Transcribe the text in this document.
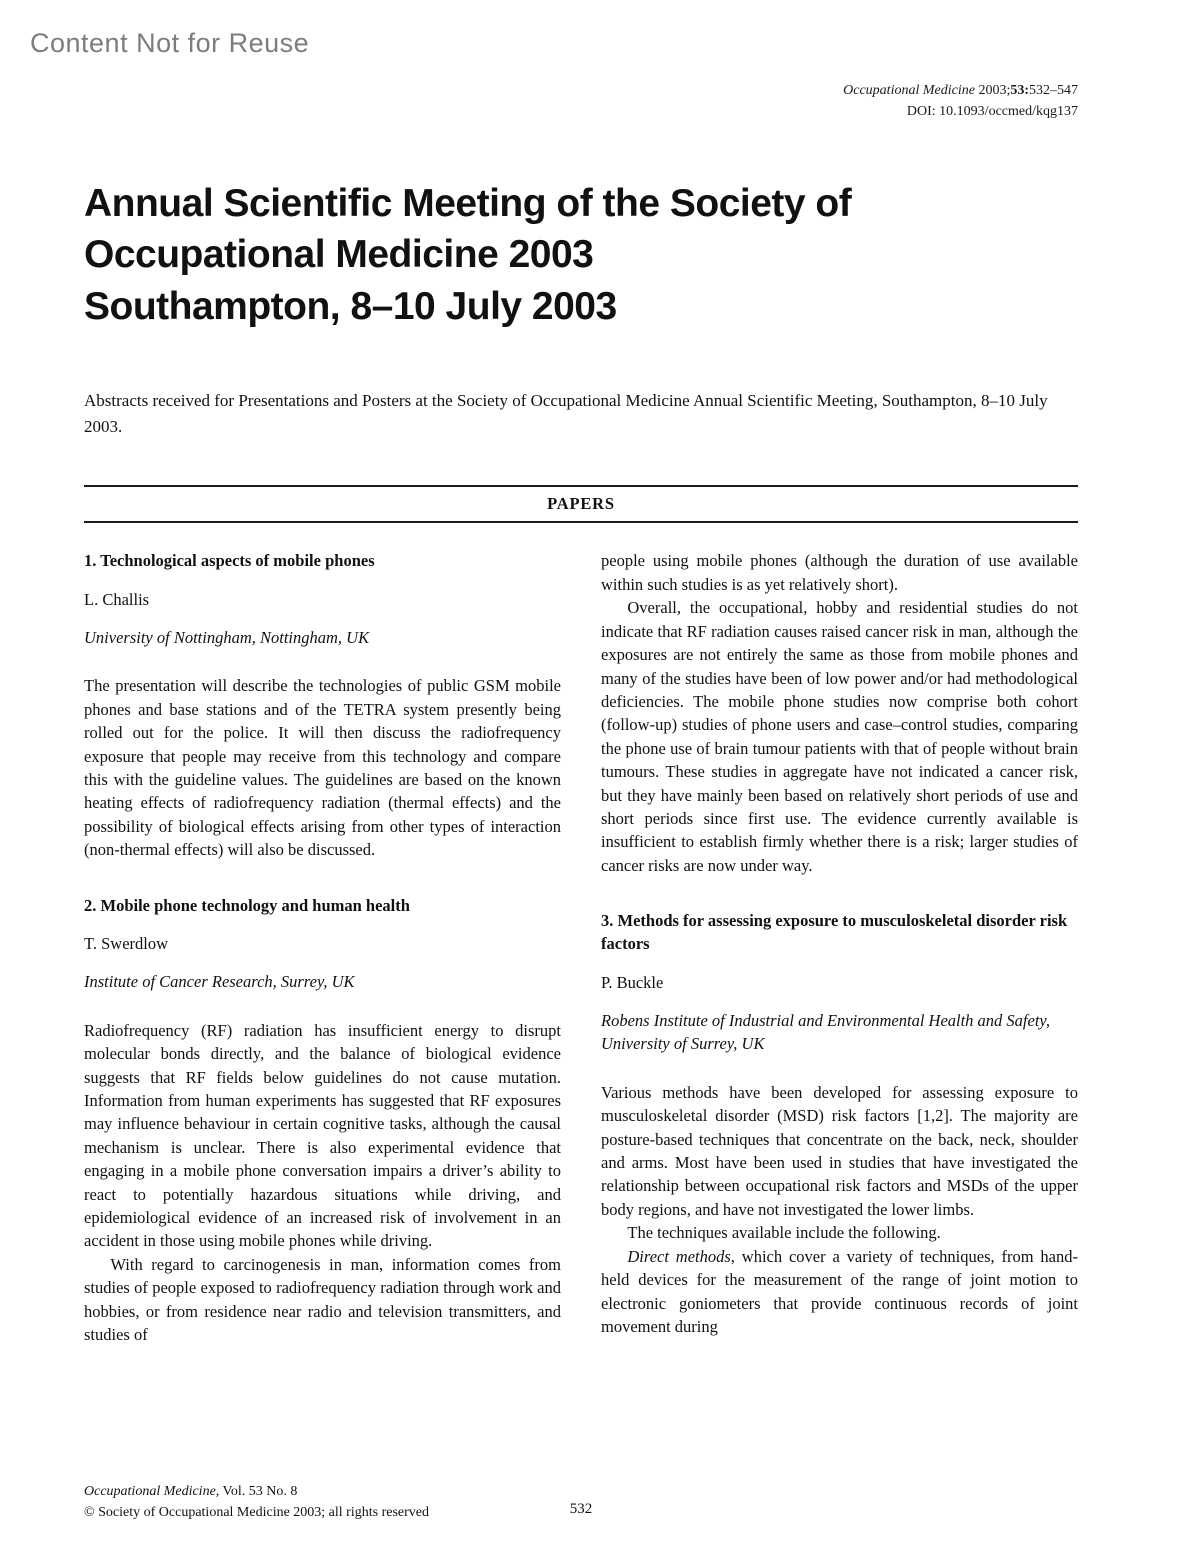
Content Not for Reuse
Occupational Medicine 2003;53:532–547
DOI: 10.1093/occmed/kqg137
Annual Scientific Meeting of the Society of
Occupational Medicine 2003
Southampton, 8–10 July 2003

Abstracts received for Presentations and Posters at the Society of Occupational Medicine Annual Scientific Meeting, Southampton, 8–10 July 2003.

PAPERS
1. Technological aspects of mobile phones

L. Challis

University of Nottingham, Nottingham, UK

The presentation will describe the technologies of public GSM mobile phones and base stations and of the TETRA system presently being rolled out for the police. It will then discuss the radiofrequency exposure that people may receive from this technology and compare this with the guideline values. The guidelines are based on the known heating effects of radiofrequency radiation (thermal effects) and the possibility of biological effects arising from other types of interaction (non-thermal effects) will also be discussed.

2. Mobile phone technology and human health

T. Swerdlow

Institute of Cancer Research, Surrey, UK

Radiofrequency (RF) radiation has insufficient energy to disrupt molecular bonds directly, and the balance of biological evidence suggests that RF fields below guidelines do not cause mutation. Information from human experiments has suggested that RF exposures may influence behaviour in certain cognitive tasks, although the causal mechanism is unclear. There is also experimental evidence that engaging in a mobile phone conversation impairs a driver’s ability to react to potentially hazardous situations while driving, and epidemiological evidence of an increased risk of involvement in an accident in those using mobile phones while driving.

With regard to carcinogenesis in man, information comes from studies of people exposed to radiofrequency radiation through work and hobbies, or from residence near radio and television transmitters, and studies of

people using mobile phones (although the duration of use available within such studies is as yet relatively short).

Overall, the occupational, hobby and residential studies do not indicate that RF radiation causes raised cancer risk in man, although the exposures are not entirely the same as those from mobile phones and many of the studies have been of low power and/or had methodological deficiencies. The mobile phone studies now comprise both cohort (follow-up) studies of phone users and case–control studies, comparing the phone use of brain tumour patients with that of people without brain tumours. These studies in aggregate have not indicated a cancer risk, but they have mainly been based on relatively short periods of use and short periods since first use. The evidence currently available is insufficient to establish firmly whether there is a risk; larger studies of cancer risks are now under way.

3. Methods for assessing exposure to musculoskeletal disorder risk factors

P. Buckle

Robens Institute of Industrial and Environmental Health and Safety, University of Surrey, UK

Various methods have been developed for assessing exposure to musculoskeletal disorder (MSD) risk factors [1,2]. The majority are posture-based techniques that concentrate on the back, neck, shoulder and arms. Most have been used in studies that have investigated the relationship between occupational risk factors and MSDs of the upper body regions, and have not investigated the lower limbs.

The techniques available include the following.

Direct methods, which cover a variety of techniques, from hand-held devices for the measurement of the range of joint motion to electronic goniometers that provide continuous records of joint movement during

Occupational Medicine, Vol. 53 No. 8
© Society of Occupational Medicine 2003; all rights reserved	532
